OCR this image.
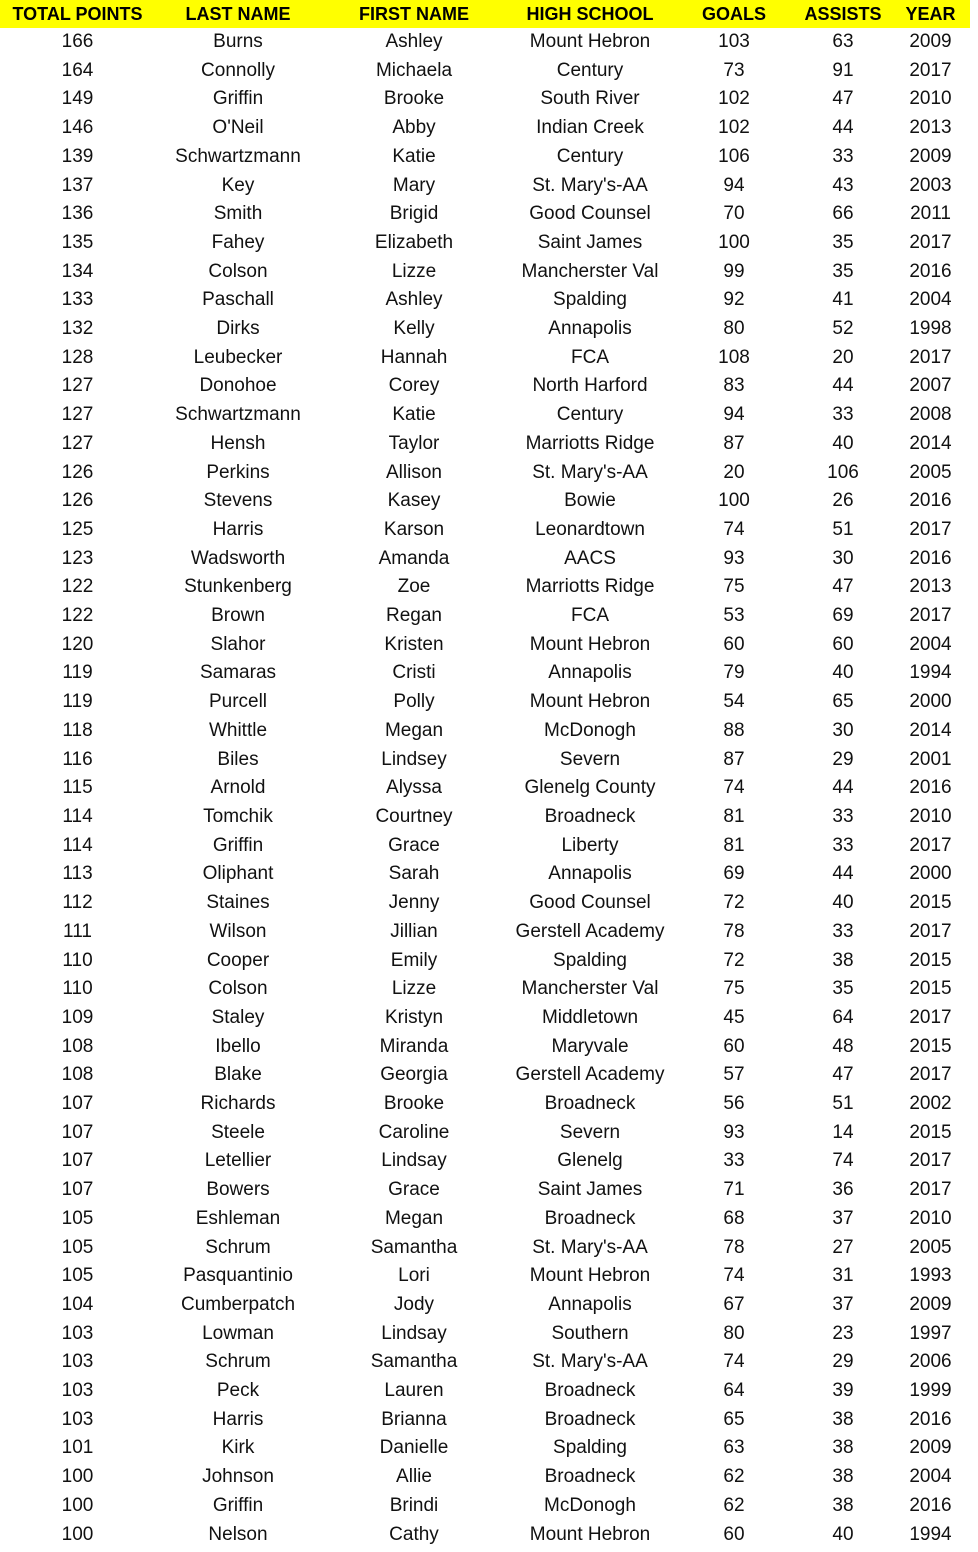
TOTAL POINTS	LAST NAME	FIRST NAME	HIGH SCHOOL	GOALS	ASSISTS	YEAR
166	Burns	Ashley	Mount Hebron	103	63	2009
164	Connolly	Michaela	Century	73	91	2017
149	Griffin	Brooke	South River	102	47	2010
146	O'Neil	Abby	Indian Creek	102	44	2013
139	Schwartzmann	Katie	Century	106	33	2009
137	Key	Mary	St. Mary's-AA	94	43	2003
136	Smith	Brigid	Good Counsel	70	66	2011
135	Fahey	Elizabeth	Saint James	100	35	2017
134	Colson	Lizze	Mancherster Val	99	35	2016
133	Paschall	Ashley	Spalding	92	41	2004
132	Dirks	Kelly	Annapolis	80	52	1998
128	Leubecker	Hannah	FCA	108	20	2017
127	Donohoe	Corey	North Harford	83	44	2007
127	Schwartzmann	Katie	Century	94	33	2008
127	Hensh	Taylor	Marriotts Ridge	87	40	2014
126	Perkins	Allison	St. Mary's-AA	20	106	2005
126	Stevens	Kasey	Bowie	100	26	2016
125	Harris	Karson	Leonardtown	74	51	2017
123	Wadsworth	Amanda	AACS	93	30	2016
122	Stunkenberg	Zoe	Marriotts Ridge	75	47	2013
122	Brown	Regan	FCA	53	69	2017
120	Slahor	Kristen	Mount Hebron	60	60	2004
119	Samaras	Cristi	Annapolis	79	40	1994
119	Purcell	Polly	Mount Hebron	54	65	2000
118	Whittle	Megan	McDonogh	88	30	2014
116	Biles	Lindsey	Severn	87	29	2001
115	Arnold	Alyssa	Glenelg County	74	44	2016
114	Tomchik	Courtney	Broadneck	81	33	2010
114	Griffin	Grace	Liberty	81	33	2017
113	Oliphant	Sarah	Annapolis	69	44	2000
112	Staines	Jenny	Good Counsel	72	40	2015
111	Wilson	Jillian	Gerstell Academy	78	33	2017
110	Cooper	Emily	Spalding	72	38	2015
110	Colson	Lizze	Mancherster Val	75	35	2015
109	Staley	Kristyn	Middletown	45	64	2017
108	Ibello	Miranda	Maryvale	60	48	2015
108	Blake	Georgia	Gerstell Academy	57	47	2017
107	Richards	Brooke	Broadneck	56	51	2002
107	Steele	Caroline	Severn	93	14	2015
107	Letellier	Lindsay	Glenelg	33	74	2017
107	Bowers	Grace	Saint James	71	36	2017
105	Eshleman	Megan	Broadneck	68	37	2010
105	Schrum	Samantha	St. Mary's-AA	78	27	2005
105	Pasquantinio	Lori	Mount Hebron	74	31	1993
104	Cumberpatch	Jody	Annapolis	67	37	2009
103	Lowman	Lindsay	Southern	80	23	1997
103	Schrum	Samantha	St. Mary's-AA	74	29	2006
103	Peck	Lauren	Broadneck	64	39	1999
103	Harris	Brianna	Broadneck	65	38	2016
101	Kirk	Danielle	Spalding	63	38	2009
100	Johnson	Allie	Broadneck	62	38	2004
100	Griffin	Brindi	McDonogh	62	38	2016
100	Nelson	Cathy	Mount Hebron	60	40	1994
